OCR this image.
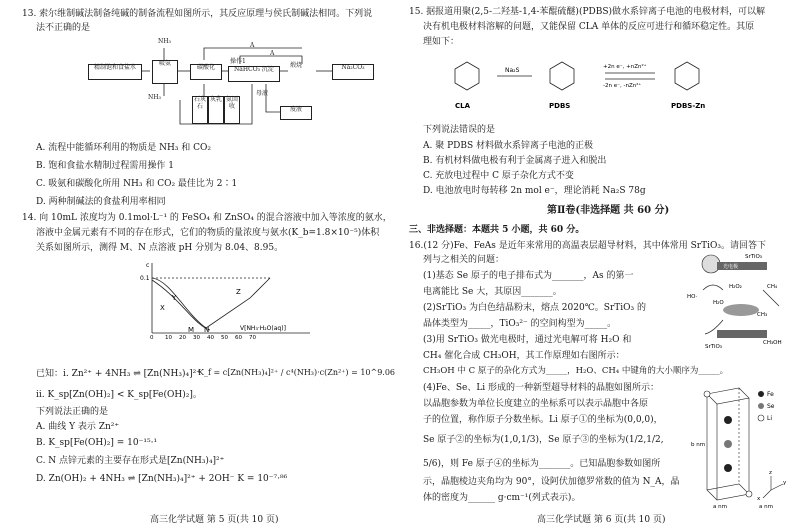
13. 索尔维制碱法制备纯碱的制备流程如图所示，其反应原理与侯氏制碱法相同。下列说

法不正确的是

精制饱和食盐水
NH₃
吸氨
碳酸化
操作1
NaHCO₃ 沉淀
煅烧	Na₂CO₃
A
A
NH₃	石灰石
灰乳 氨回收
母液
废液

A. 流程中能循环利用的物质是 NH₃ 和 CO₂

B. 饱和食盐水精制过程需用操作 1

C. 吸氨和碳酸化所用 NH₃ 和 CO₂ 最佳比为 2∶1

D. 两种制碱法的食盐利用率相同

14. 向 10mL 浓度均为 0.1mol·L⁻¹ 的 FeSO₄ 和 ZnSO₄ 的混合溶液中加入等浓度的氨水，

溶液中金属元素有不同的存在形式，它们的物质的量浓度与氨水(K_b=1.8×10⁻⁵)体积

关系如图所示，测得 M、N 点溶液 pH 分别为 8.04、8.95。

c
0.1
V[NH₃·H₂O(aq)]
X
Y
Z
M N
0 10 20 30 40 50 60 70

已知：i. Zn²⁺ + 4NH₃ ⇌ [Zn(NH₃)₄]²⁺

K_f = c[Zn(NH₃)₄]²⁺ / c⁴(NH₃)·c(Zn²⁺) = 10^9.06

ii. K_sp[Zn(OH)₂] < K_sp[Fe(OH)₂]。

下列说法正确的是

A. 曲线 Y 表示 Zn²⁺

B. K_sp[Fe(OH)₂] = 10⁻¹⁵·¹

C. N 点锌元素的主要存在形式是[Zn(NH₃)₄]²⁺

D. Zn(OH)₂ + 4NH₃ ⇌ [Zn(NH₃)₄]²⁺ + 2OH⁻ K = 10⁻⁷·⁸⁶

高三化学试题 第 5 页(共 10 页)

15. 据报道用聚(2,5-二羟基-1,4-苯醌硫醚)(PDBS)做水系锌离子电池的电极材料，可以解

决有机电极材料溶解的问题，又能保留 CLA 单体的反应可进行和循环稳定性。其原

理如下：

Na₂S	+2n e⁻, +nZn²⁺
-2n e⁻, -nZn²⁺
CLA	PDBS	PDBS-Zn

下列说法错误的是

A. 聚 PDBS 材料做水系锌离子电池的正极

B. 有机材料做电极有利于金属离子进入和脱出

C. 充放电过程中 C 原子杂化方式不变

D. 电池放电时每转移 2n mol e⁻，理论消耗 Na₂S 78g

第Ⅱ卷(非选择题 共 60 分)

三、非选择题：本题共 5 小题，共 60 分。

16.(12 分)Fe、FeAs 是近年来常用的高温表层超导材料，其中体常用 SrTiO₃。请回答下

列与之相关的问题：

(1)基态 Se 原子的电子排布式为_______，As 的第一

电离能比 Se 大，其原因_______。

(2)SrTiO₃ 为白色结晶粉末，熔点 2020℃。SrTiO₃ 的

晶体类型为_____，TiO₃²⁻ 的空间构型为_____。

(3)用 SrTiO₃ 做光电极时，通过光电解可将 H₂O 和

CH₄ 催化合成 CH₃OH，其工作原理如右图所示：

CH₃OH 中 C 原子的杂化方式为_____，H₂O、CH₄ 中键角的大小顺序为_____。

(4)Fe、Se、Li 形成的一种新型超导材料的晶胞如图所示：

以晶胞参数为单位长度建立的坐标系可以表示晶胞中各原

子的位置，称作原子分数坐标。Li 原子①的坐标为(0,0,0)，

Se 原子②的坐标为(1,0,1/3)，Se 原子③的坐标为(1/2,1/2,

5/6)，则 Fe 原子④的坐标为_______。已知晶胞参数如图所

示，晶胞棱边夹角均为 90°，设阿伏加德罗常数的值为 N_A，晶

体的密度为______ g·cm⁻¹(列式表示)。

SrTiO₃
光电极
HO·
H₂O
H₂O₂	CH₄
CH₃
CH₃OH
SrTiO₃
Fe
Se
Li
b nm
a nm	a nm
z
y
x

高三化学试题 第 6 页(共 10 页)
